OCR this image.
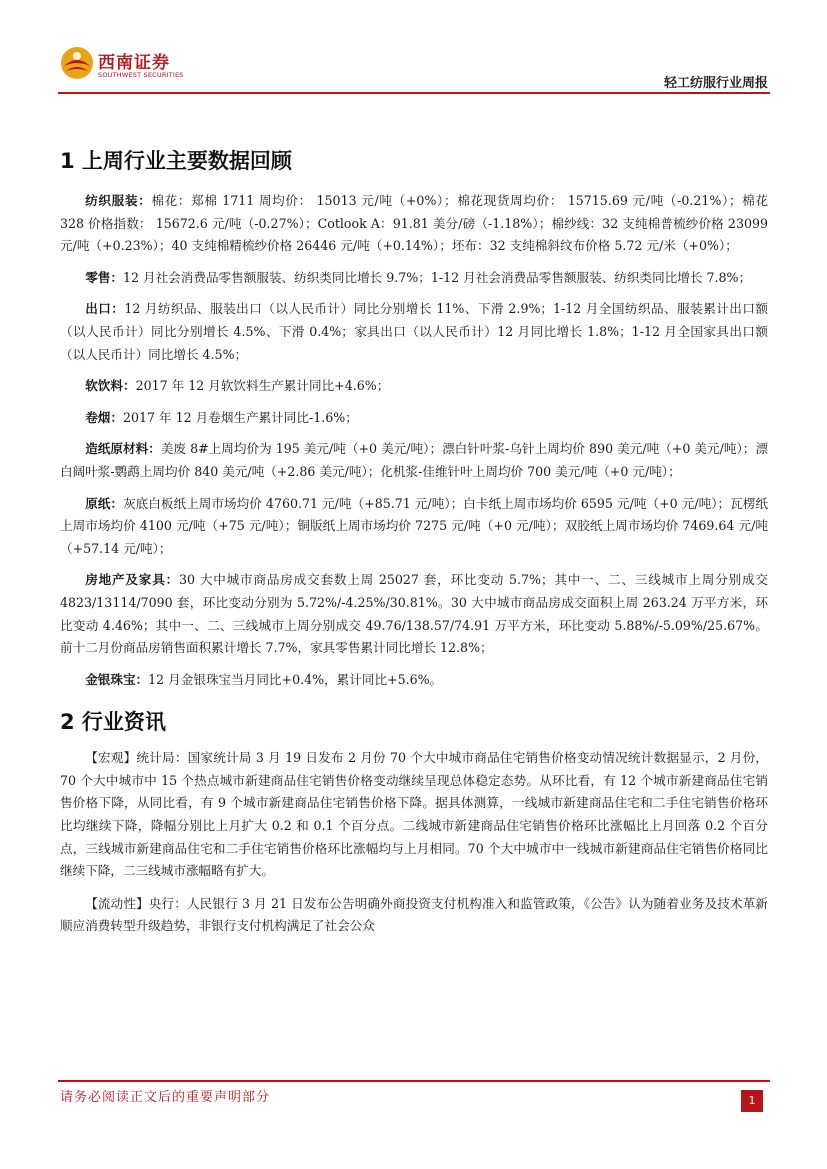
西南证券
SOUTHWEST SECURITIES
轻工纺服行业周报
1 上周行业主要数据回顾

纺织服装：棉花：郑棉 1711 周均价： 15013 元/吨（+0%）；棉花现货周均价： 15715.69 元/吨（-0.21%）；棉花 328 价格指数： 15672.6 元/吨（-0.27%）；Cotlook A：91.81 美分/磅（-1.18%）；棉纱线：32 支纯棉普梳纱价格 23099 元/吨（+0.23%）；40 支纯棉精梳纱价格 26446 元/吨（+0.14%）；坯布：32 支纯棉斜纹布价格 5.72 元/米（+0%）；

零售：12 月社会消费品零售额服装、纺织类同比增长 9.7%；1-12 月社会消费品零售额服装、纺织类同比增长 7.8%；

出口：12 月纺织品、服装出口（以人民币计）同比分别增长 11%、下滑 2.9%；1-12 月全国纺织品、服装累计出口额（以人民币计）同比分别增长 4.5%、下滑 0.4%；家具出口（以人民币计）12 月同比增长 1.8%；1-12 月全国家具出口额（以人民币计）同比增长 4.5%；

软饮料：2017 年 12 月软饮料生产累计同比+4.6%；

卷烟：2017 年 12 月卷烟生产累计同比-1.6%；

造纸原材料：美废 8#上周均价为 195 美元/吨（+0 美元/吨）；漂白针叶浆-乌针上周均价 890 美元/吨（+0 美元/吨）；漂白阔叶浆-鹦鹉上周均价 840 美元/吨（+2.86 美元/吨）；化机浆-佳维针叶上周均价 700 美元/吨（+0 元/吨）；

原纸：灰底白板纸上周市场均价 4760.71 元/吨（+85.71 元/吨）；白卡纸上周市场均价 6595 元/吨（+0 元/吨）；瓦楞纸上周市场均价 4100 元/吨（+75 元/吨）；铜版纸上周市场均价 7275 元/吨（+0 元/吨）；双胶纸上周市场均价 7469.64 元/吨（+57.14 元/吨）；

房地产及家具：30 大中城市商品房成交套数上周 25027 套，环比变动 5.7%；其中一、二、三线城市上周分别成交 4823/13114/7090 套，环比变动分别为 5.72%/-4.25%/30.81%。30 大中城市商品房成交面积上周 263.24 万平方米，环比变动 4.46%；其中一、二、三线城市上周分别成交 49.76/138.57/74.91 万平方米，环比变动 5.88%/-5.09%/25.67%。前十二月份商品房销售面积累计增长 7.7%，家具零售累计同比增长 12.8%；

金银珠宝：12 月金银珠宝当月同比+0.4%，累计同比+5.6%。

2 行业资讯

【宏观】统计局：国家统计局 3 月 19 日发布 2 月份 70 个大中城市商品住宅销售价格变动情况统计数据显示，2 月份，70 个大中城市中 15 个热点城市新建商品住宅销售价格变动继续呈现总体稳定态势。从环比看，有 12 个城市新建商品住宅销售价格下降，从同比看，有 9 个城市新建商品住宅销售价格下降。据具体测算，一线城市新建商品住宅和二手住宅销售价格环比均继续下降，降幅分别比上月扩大 0.2 和 0.1 个百分点。二线城市新建商品住宅销售价格环比涨幅比上月回落 0.2 个百分点，三线城市新建商品住宅和二手住宅销售价格环比涨幅均与上月相同。70 个大中城市中一线城市新建商品住宅销售价格同比继续下降，二三线城市涨幅略有扩大。

【流动性】央行：人民银行 3 月 21 日发布公告明确外商投资支付机构准入和监管政策，《公告》认为随着业务及技术革新顺应消费转型升级趋势，非银行支付机构满足了社会公众

请务必阅读正文后的重要声明部分	1
